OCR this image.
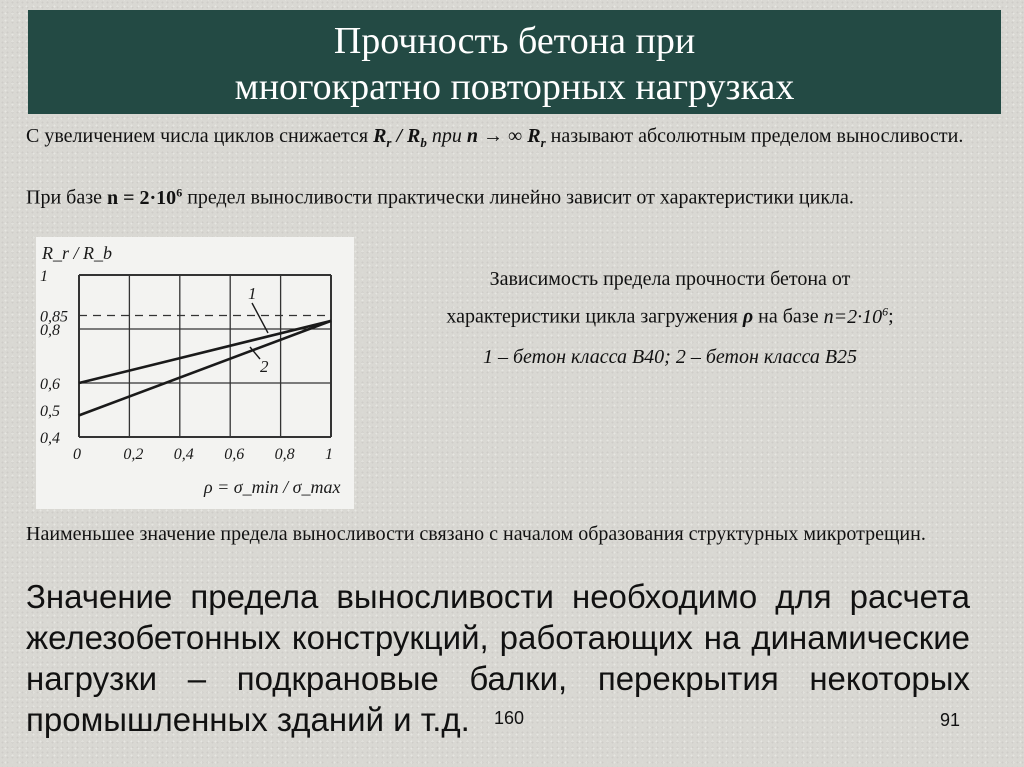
Прочность бетона при
многократно повторных нагрузках
С увеличением числа циклов снижается $R_r / R_b$ при n → ∞ $R_r$ называют абсолютным пределом выносливости.
При базе $n = 2\cdot 10^6$ предел выносливости практически линейно зависит от характеристики цикла.
1
2
0,4
0,5
0,6
0,8
0,85
1
0	0,2 0,4 0,6 0,8 1
R_r / R_b
ρ = σ_min / σ_max
Зависимость предела прочности бетона от
характеристики цикла загружения ρ на базе $n=2\cdot 10^6$;
1 – бетон класса В40; 2 – бетон класса В25
Наименьшее значение предела выносливости связано с началом образования структурных микротрещин.
Значение предела выносливости необходимо для расчета железобетонных конструкций, работающих на динамические нагрузки – подкрановые балки, перекрытия некоторых промышленных зданий и т.д.	160	91
